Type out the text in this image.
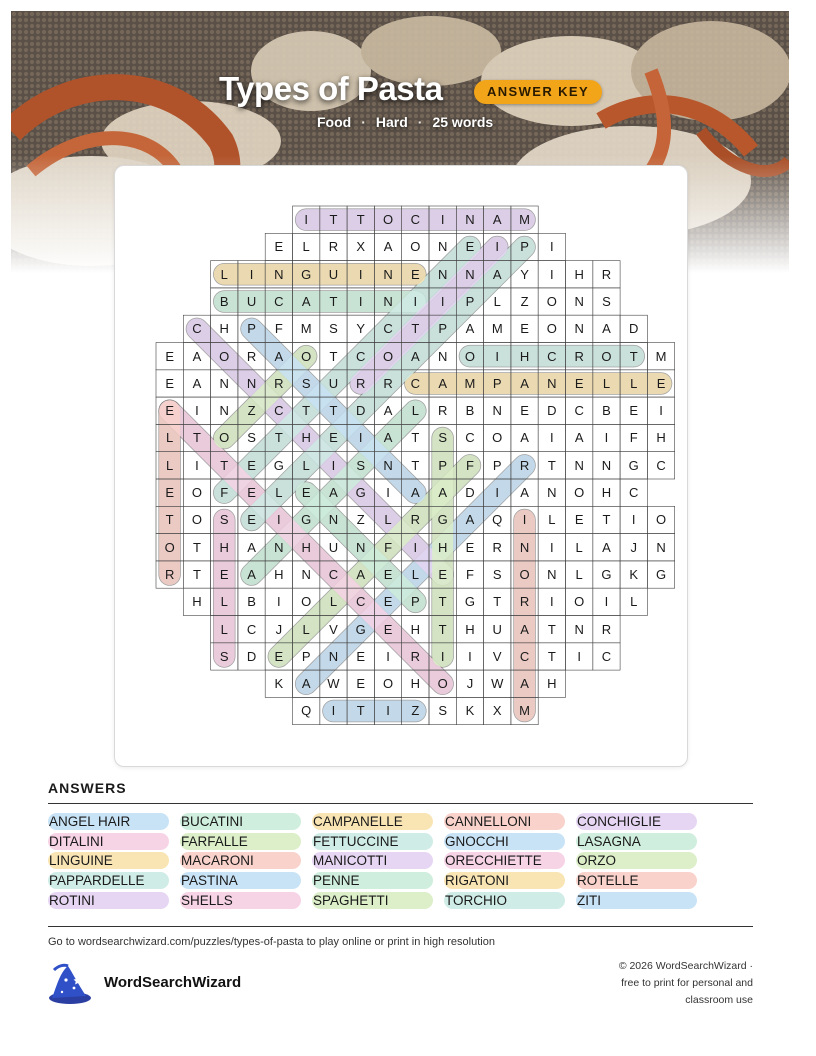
Types of Pasta	ANSWER KEY
Food · Hard · 25 words
I	T	T	O	C	I	N	A	M
E	L	R	X	A	O	N	E	I	P	I
L	I	N	G	U	I	N	E	N	N	A	Y	I	H	R
B	U	C	A	T	I	N	I	I	P	L	Z	O	N	S
C	H	P	F	M	S	Y	C	T	P	A	M	E	O	N	A	D
E	A	O	R	A	O	T	C	O	A	N	O	I	H	C	R	O	T	M
E	A	N	N	R	S	U	R	R	C	A	M	P	A	N	E	L	L	E
E	I	N	Z	C	T	T	D	A	L	R	B	N	E	D	C	B	E	I
L	T	O	S	T	H	E	I	A	T	S	C	O	A	I	A	I	F	H
L	I	T	E	G	L	I	S	N	T	P	F	P	R	T	N	N	G	C
E	O	F	E	L	E	A	G	I	A	A	D	I	A	N	O	H	C
T	O	S	E	I	G	N	Z	L	R	G	A	Q	I	L	E	T	I	O
O	T	H	A	N	H	U	N	F	I	H	E	R	N	I	L	A	J	N
R	T	E	A	H	N	C	A	E	L	E	F	S	O	N	L	G	K	G
H	L	B	I	O	L	C	E	P	T	G	T	R	I	O	I	L
L	C	J	L	V	G	E	H	T	H	U	A	T	N	R
S	D	E	P	N	E	I	R	I	I	V	C	T	I	C
K	A	W	E	O	H	O	J	W	A	H
Q	I	T	I	Z	S	K	X	M
ANSWERS
ANGEL HAIR	BUCATINI	CAMPANELLE	CANNELLONI	CONCHIGLIE
DITALINI	FARFALLE	FETTUCCINE	GNOCCHI	LASAGNA
LINGUINE	MACARONI	MANICOTTI	ORECCHIETTE	ORZO
PAPPARDELLE	PASTINA	PENNE	RIGATONI	ROTELLE
ROTINI	SHELLS	SPAGHETTI	TORCHIO	ZITI
Go to wordsearchwizard.com/puzzles/types-of-pasta to play online or print in high resolution
WordSearchWizard
© 2026 WordSearchWizard ·
free to print for personal and
classroom use
